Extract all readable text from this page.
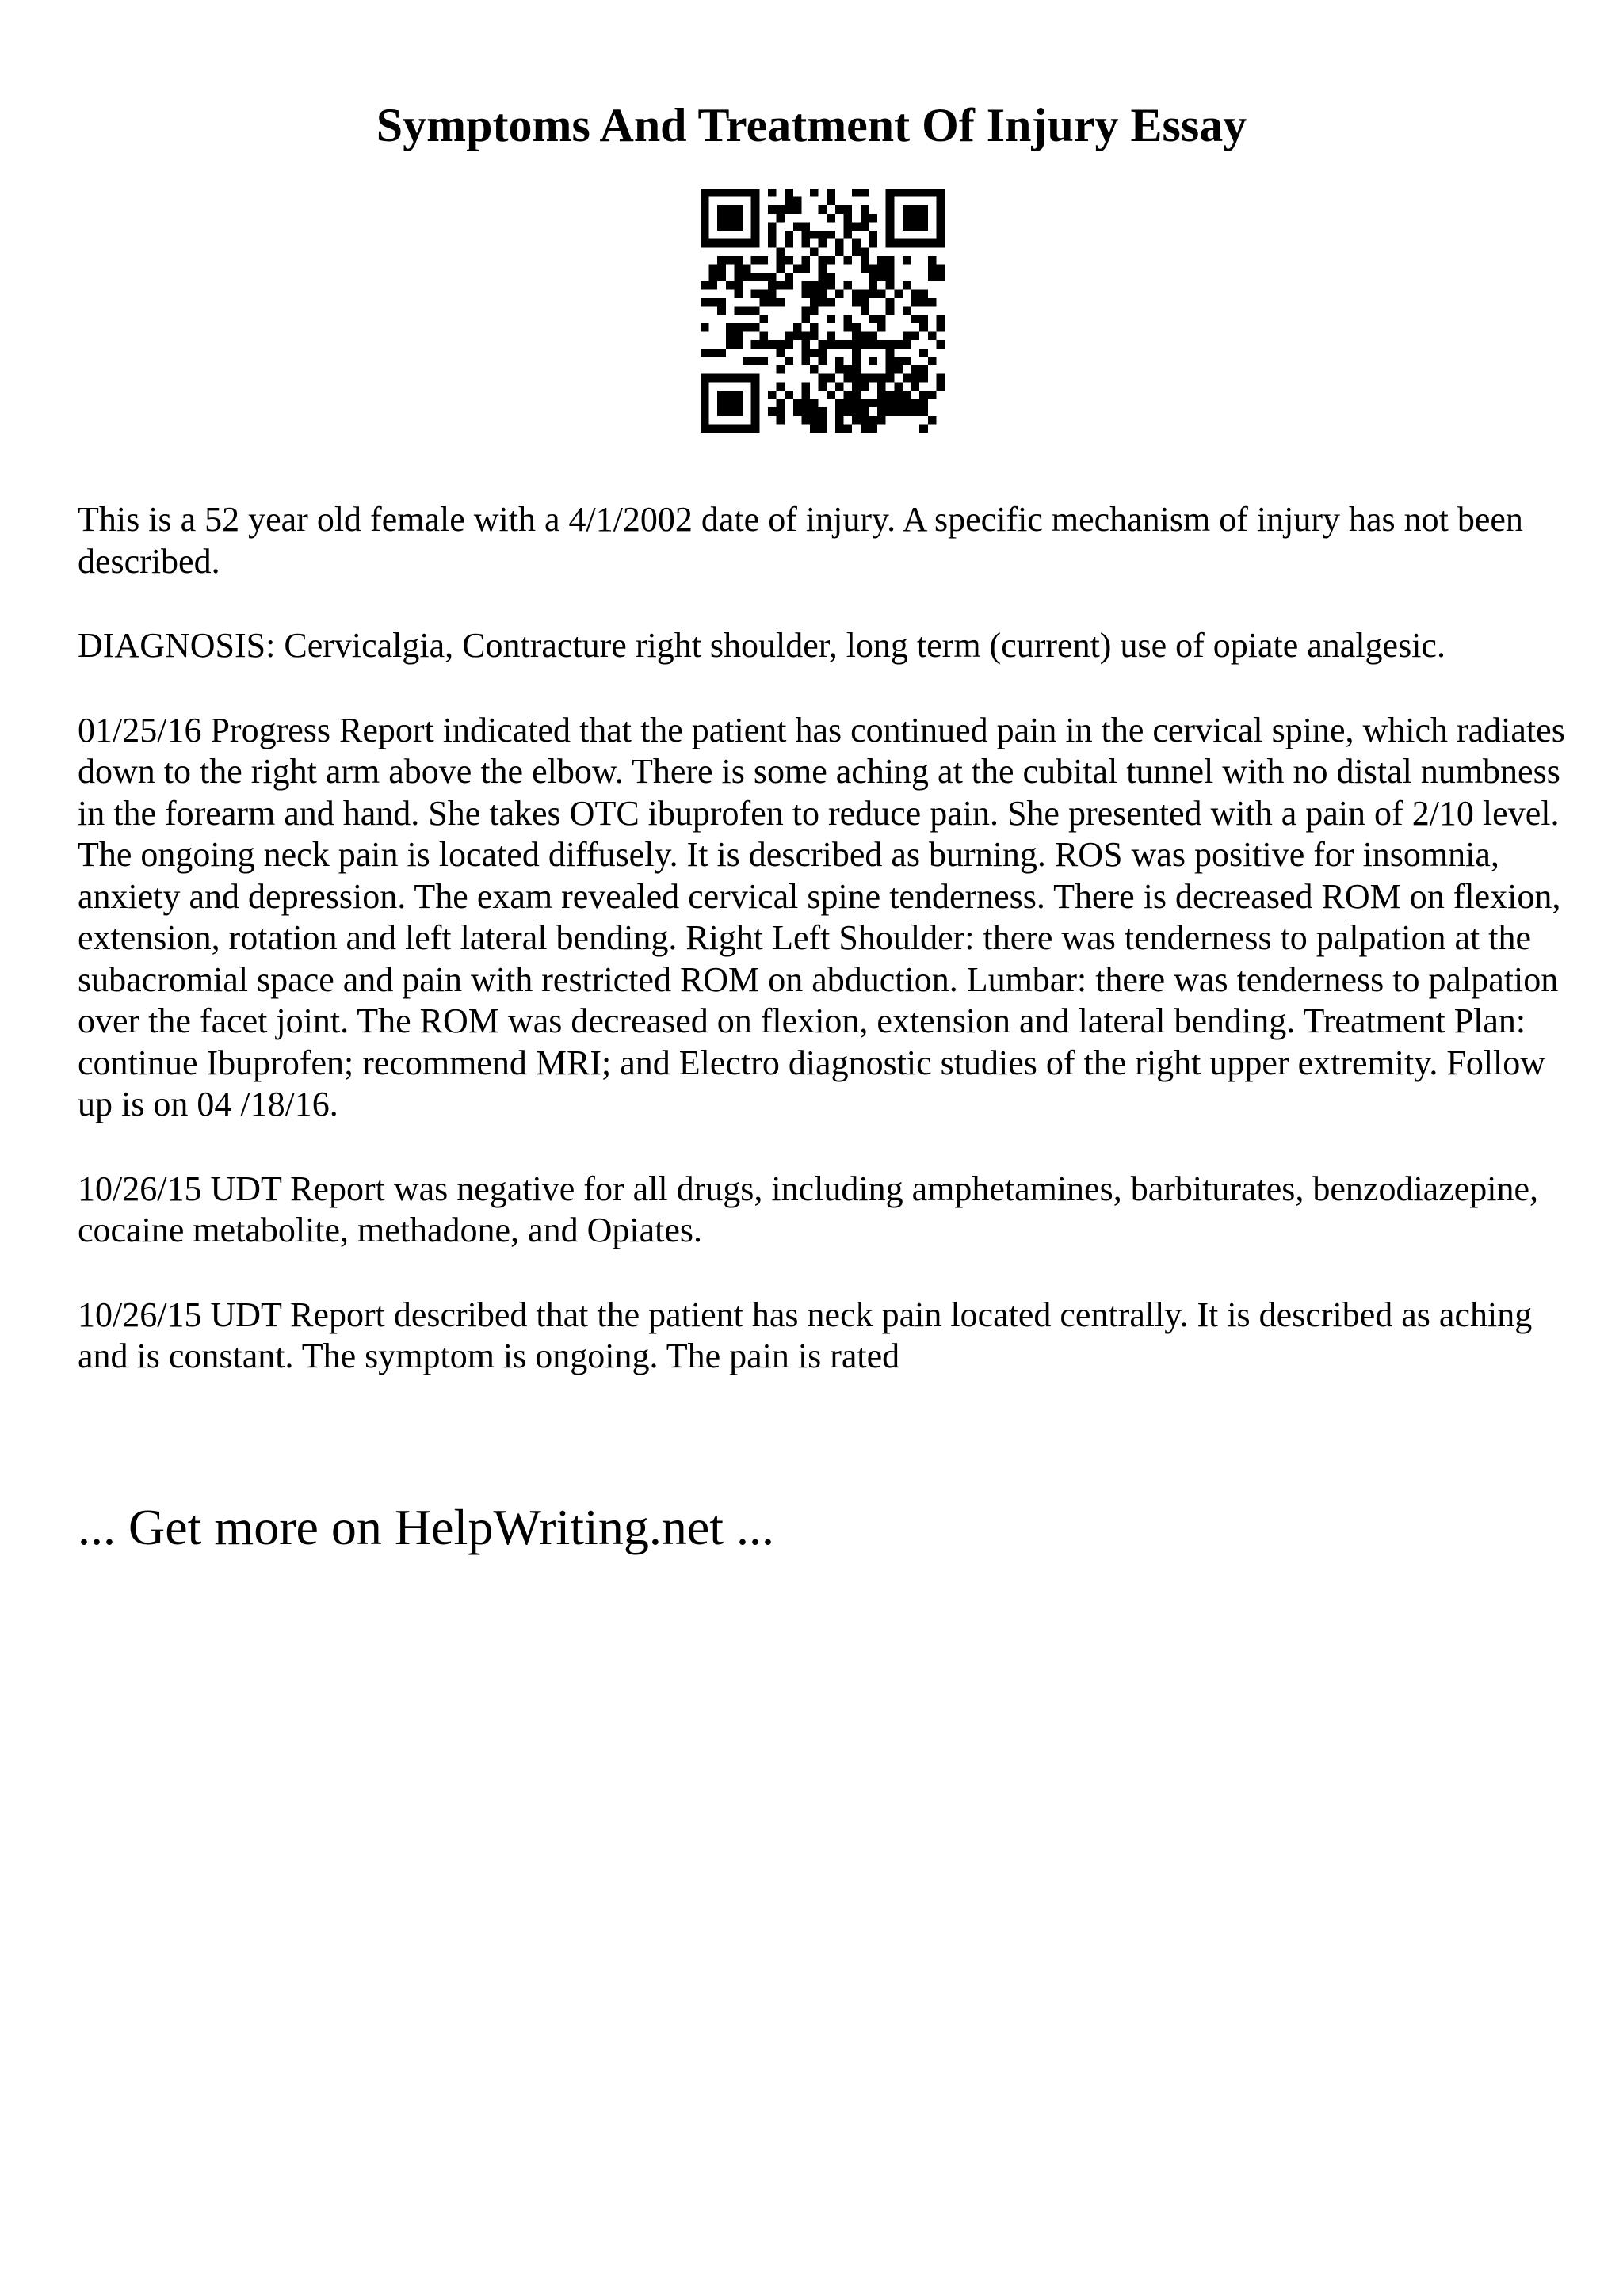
Symptoms And Treatment Of Injury Essay

This is a 52 year old female with a 4/1/2002 date of injury. A specific mechanism of injury has not been described.

DIAGNOSIS: Cervicalgia, Contracture right shoulder, long term (current) use of opiate analgesic.

01/25/16 Progress Report indicated that the patient has continued pain in the cervical spine, which radiates down to the right arm above the elbow. There is some aching at the cubital tunnel with no distal numbness in the forearm and hand. She takes OTC ibuprofen to reduce pain. She presented with a pain of 2/10 level. The ongoing neck pain is located diffusely. It is described as burning. ROS was positive for insomnia, anxiety and depression. The exam revealed cervical spine tenderness. There is decreased ROM on flexion, extension, rotation and left lateral bending. Right Left Shoulder: there was tenderness to palpation at the subacromial space and pain with restricted ROM on abduction. Lumbar: there was tenderness to palpation over the facet joint. The ROM was decreased on flexion, extension and lateral bending. Treatment Plan: continue Ibuprofen; recommend MRI; and Electro diagnostic studies of the right upper extremity. Follow up is on 04 /18/16.

10/26/15 UDT Report was negative for all drugs, including amphetamines, barbiturates, benzodiazepine, cocaine metabolite, methadone, and Opiates.

10/26/15 UDT Report described that the patient has neck pain located centrally. It is described as aching and is constant. The symptom is ongoing. The pain is rated

... Get more on HelpWriting.net ...
